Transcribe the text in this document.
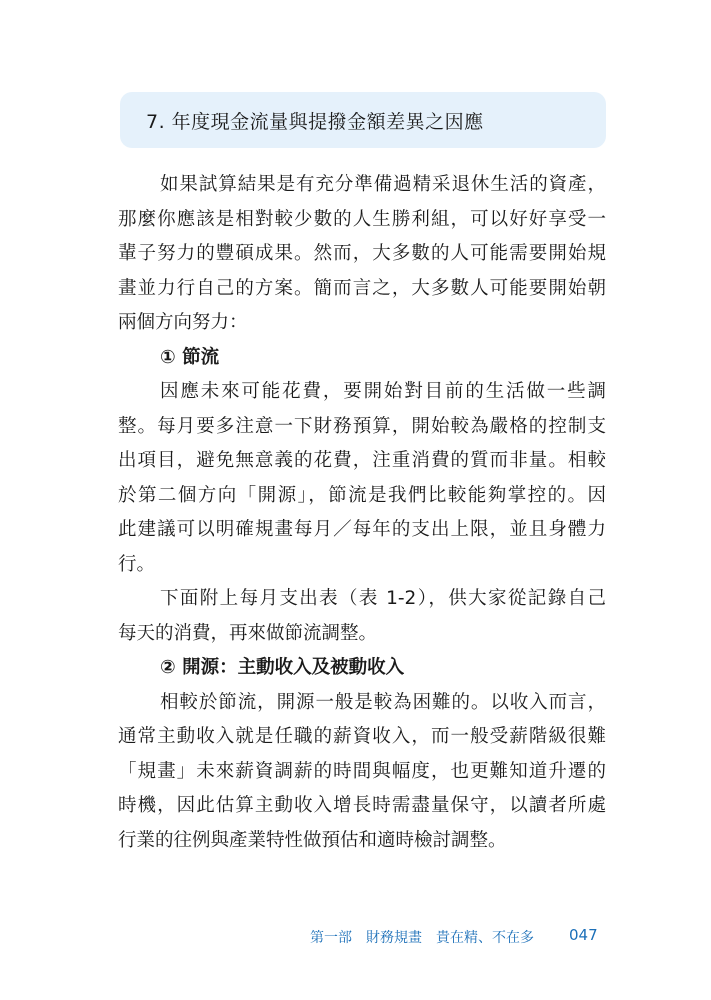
7. 年度現金流量與提撥金額差異之因應
如果試算結果是有充分準備過精采退休生活的資產，
那麼你應該是相對較少數的人生勝利組，可以好好享受一
輩子努力的豐碩成果。然而，大多數的人可能需要開始規
畫並力行自己的方案。簡而言之，大多數人可能要開始朝
兩個方向努力：
① 節流
因應未來可能花費，要開始對目前的生活做一些調
整。每月要多注意一下財務預算，開始較為嚴格的控制支
出項目，避免無意義的花費，注重消費的質而非量。相較
於第二個方向「開源」，節流是我們比較能夠掌控的。因
此建議可以明確規畫每月／每年的支出上限，並且身體力
行。
下面附上每月支出表（表 1-2），供大家從記錄自己
每天的消費，再來做節流調整。
② 開源：主動收入及被動收入
相較於節流，開源一般是較為困難的。以收入而言，
通常主動收入就是任職的薪資收入，而一般受薪階級很難
「規畫」未來薪資調薪的時間與幅度，也更難知道升遷的
時機，因此估算主動收入增長時需盡量保守，以讀者所處
行業的往例與產業特性做預估和適時檢討調整。
第一部 財務規畫 貴在精、不在多 047
